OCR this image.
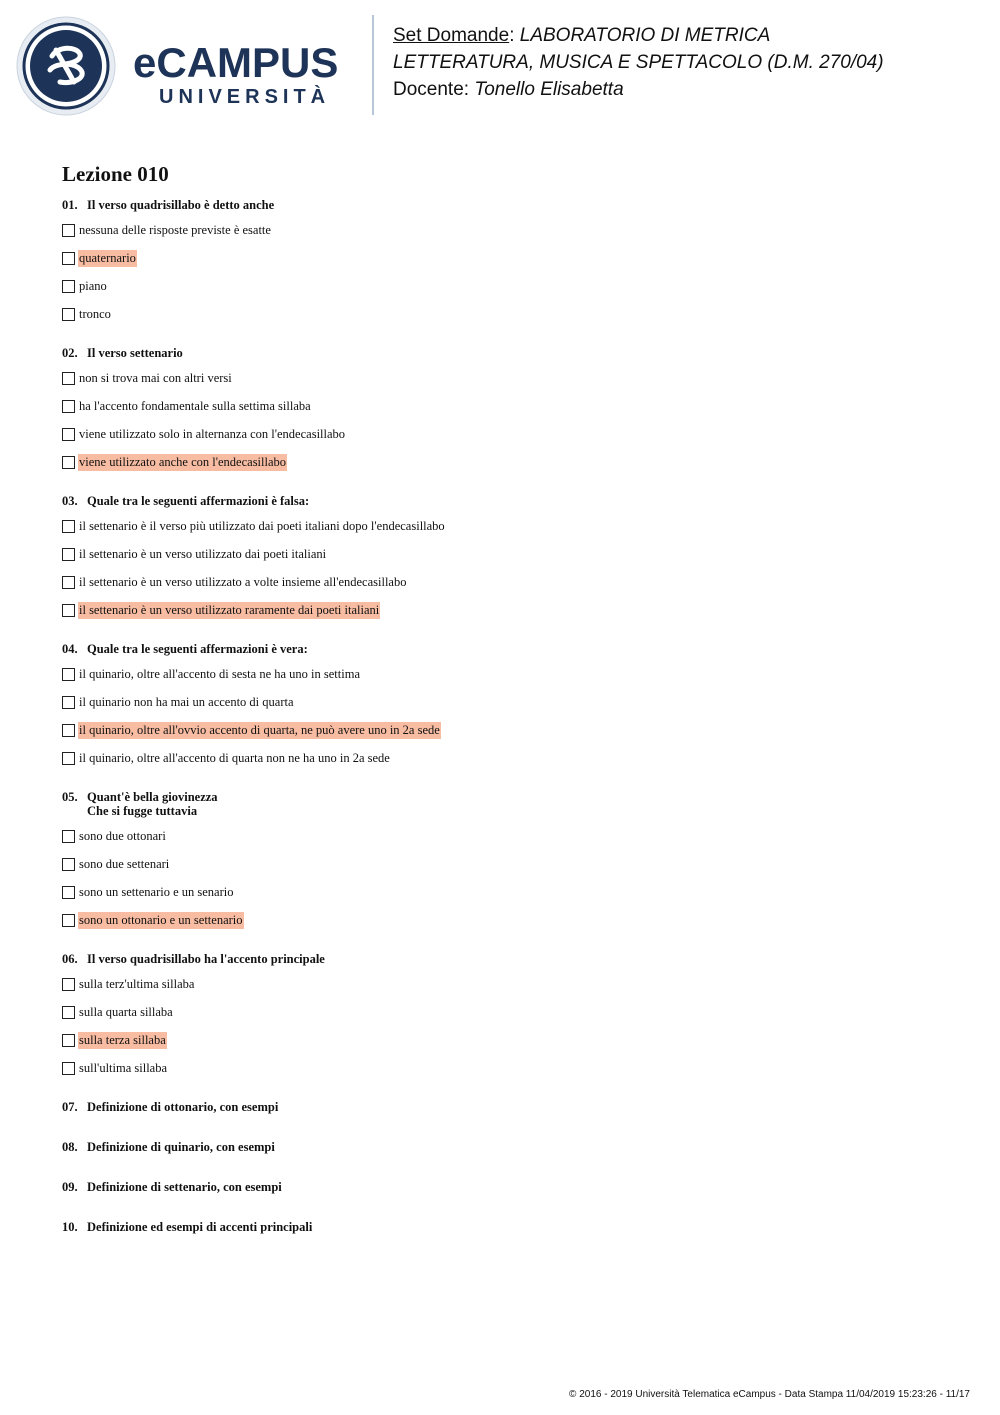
eCAMPUS
UNIVERSITÀ
Set Domande: LABORATORIO DI METRICA
LETTERATURA, MUSICA E SPETTACOLO (D.M. 270/04)
Docente: Tonello Elisabetta
Lezione 010
01. Il verso quadrisillabo è detto anche
nessuna delle risposte previste è esatte
quaternario
piano
tronco
02. Il verso settenario
non si trova mai con altri versi
ha l'accento fondamentale sulla settima sillaba
viene utilizzato solo in alternanza con l'endecasillabo
viene utilizzato anche con l'endecasillabo
03. Quale tra le seguenti affermazioni è falsa:
il settenario è il verso più utilizzato dai poeti italiani dopo l'endecasillabo
il settenario è un verso utilizzato dai poeti italiani
il settenario è un verso utilizzato a volte insieme all'endecasillabo
il settenario è un verso utilizzato raramente dai poeti italiani
04. Quale tra le seguenti affermazioni è vera:
il quinario, oltre all'accento di sesta ne ha uno in settima
il quinario non ha mai un accento di quarta
il quinario, oltre all'ovvio accento di quarta, ne può avere uno in 2a sede
il quinario, oltre all'accento di quarta non ne ha uno in 2a sede
05. Quant'è bella giovinezza
Che si fugge tuttavia
sono due ottonari
sono due settenari
sono un settenario e un senario
sono un ottonario e un settenario
06. Il verso quadrisillabo ha l'accento principale
sulla terz'ultima sillaba
sulla quarta sillaba
sulla terza sillaba
sull'ultima sillaba
07. Definizione di ottonario, con esempi
08. Definizione di quinario, con esempi
09. Definizione di settenario, con esempi
10. Definizione ed esempi di accenti principali
© 2016 - 2019 Università Telematica eCampus - Data Stampa 11/04/2019 15:23:26 - 11/17
